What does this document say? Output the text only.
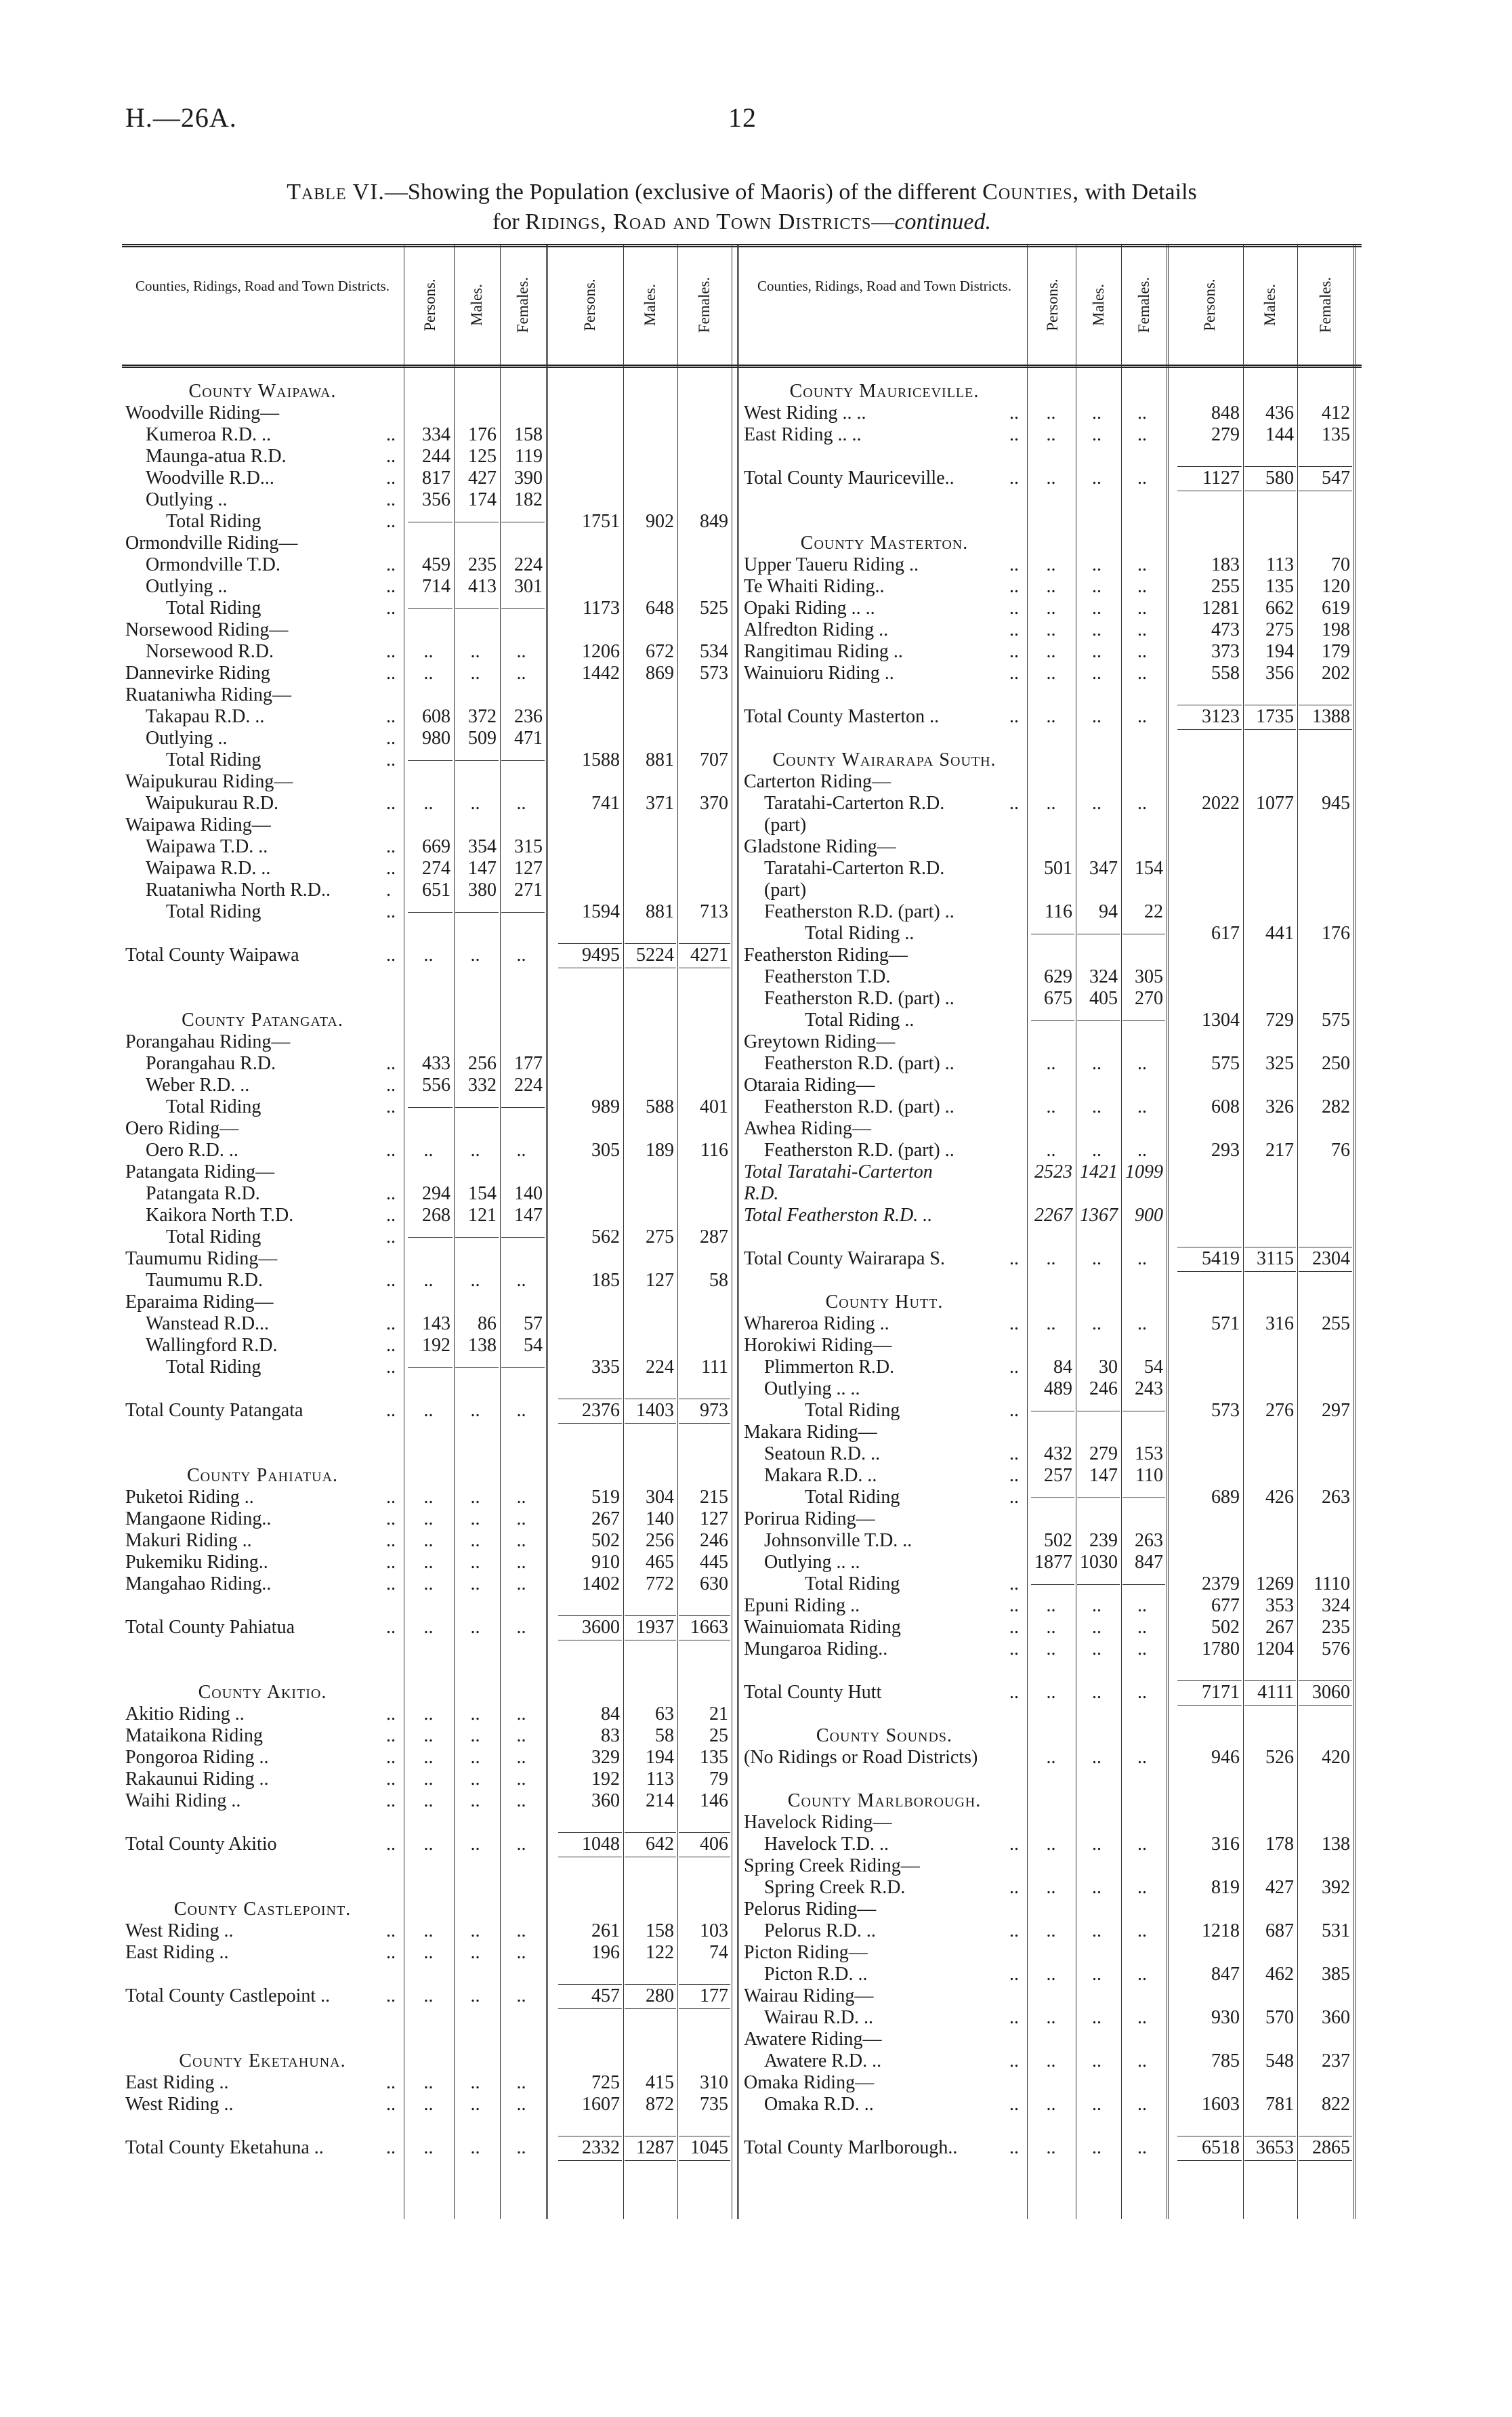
H.—26A.	12
Table VI.—Showing the Population (exclusive of Maoris) of the different Counties, with Details
for Ridings, Road and Town Districts—continued.
Counties, Ridings, Road and Town Districts.	Persons. Males. Females.	Persons.	Males. Females.	Counties, Ridings, Road and Town Districts.	Persons. Males. Females.	Persons.	Males. Females.
County Waipawa.
Woodville Riding—
Kumeroa R.D. ..	..	334 176 158
Maunga-atua R.D.	..	244 125 119
Woodville R.D...	..	817 427 390
Outlying ..	..	356 174 182
Total Riding	..	1751	902	849
Ormondville Riding—
Ormondville T.D.	..	459 235 224
Outlying ..	..	714 413 301
Total Riding	..	1173	648	525
Norsewood Riding—
Norsewood R.D.	..	..	..	..	1206	672	534
Dannevirke Riding	..	..	..	..	1442	869	573
Ruataniwha Riding—
Takapau R.D. ..	..	608 372 236
Outlying ..	..	980 509 471
Total Riding	..	1588	881	707
Waipukurau Riding—
Waipukurau R.D.	..	..	..	..	741	371	370
Waipawa Riding—
Waipawa T.D. ..	..	669 354 315
Waipawa R.D. ..	..	274 147 127
Ruataniwha North R.D..	.	651 380 271
Total Riding	..	1594	881	713
Total County Waipawa	..	..	..	..	9495 5224 4271
County Patangata.
Porangahau Riding—
Porangahau R.D.	..	433 256 177
Weber R.D. ..	..	556 332 224
Total Riding	..	989	588	401
Oero Riding—
Oero R.D. ..	..	..	..	..	305	189	116
Patangata Riding—
Patangata R.D.	..	294 154 140
Kaikora North T.D.	..	268 121 147
Total Riding	..	562	275	287
Taumumu Riding—
Taumumu R.D.	..	..	..	..	185	127	58
Eparaima Riding—
Wanstead R.D...	..	143	86	57
Wallingford R.D.	..	192 138	54
Total Riding	..	335	224	111
Total County Patangata	..	..	..	..	2376 1403	973
County Pahiatua.
Puketoi Riding ..	..	..	..	..	519	304	215
Mangaone Riding..	..	..	..	..	267	140	127
Makuri Riding ..	..	..	..	..	502	256	246
Pukemiku Riding..	..	..	..	..	910	465	445
Mangahao Riding..	..	..	..	..	1402	772	630
Total County Pahiatua	..	..	..	..	3600 1937 1663
County Akitio.
Akitio Riding ..	..	..	..	..	84	63	21
Mataikona Riding	..	..	..	..	83	58	25
Pongoroa Riding ..	..	..	..	..	329	194	135
Rakaunui Riding ..	..	..	..	..	192	113	79
Waihi Riding ..	..	..	..	..	360	214	146
Total County Akitio	..	..	..	..	1048	642	406
County Castlepoint.
West Riding ..	..	..	..	..	261	158	103
East Riding ..	..	..	..	..	196	122	74
Total County Castlepoint ..	..	..	..	..	457	280	177
County Eketahuna.
East Riding ..	..	..	..	..	725	415	310
West Riding ..	..	..	..	..	1607	872	735
Total County Eketahuna ..	..	..	..	..	2332 1287 1045
County Mauriceville.
West Riding .. ..	..	..	..	..	848	436	412
East Riding .. ..	..	..	..	..	279	144	135
Total County Mauriceville..	..	..	..	..	1127	580	547
County Masterton.
Upper Taueru Riding ..	..	..	..	..	183	113	70
Te Whaiti Riding..	..	..	..	..	255	135	120
Opaki Riding .. ..	..	..	..	..	1281	662	619
Alfredton Riding ..	..	..	..	..	473	275	198
Rangitimau Riding ..	..	..	..	..	373	194	179
Wainuioru Riding ..	..	..	..	..	558	356	202
Total County Masterton ..	..	..	..	..	3123 1735 1388
County Wairarapa South.
Carterton Riding—
Taratahi-Carterton R.D.	..	..	..	..	2022 1077	945
(part)
Gladstone Riding—
Taratahi-Carterton R.D.	501 347 154
(part)
Featherston R.D. (part) ..	116	94	22
Total Riding ..	617	441	176
Featherston Riding—
Featherston T.D.	629 324 305
Featherston R.D. (part) ..	675 405 270
Total Riding ..	1304	729	575
Greytown Riding—
Featherston R.D. (part) ..	..	..	..	575	325	250
Otaraia Riding—
Featherston R.D. (part) ..	..	..	..	608	326	282
Awhea Riding—
Featherston R.D. (part) ..	..	..	..	293	217	76
Total Taratahi-Carterton	2523 1421 1099
R.D.
Total Featherston R.D. ..	2267 1367 900
Total County Wairarapa S.	..	..	..	..	5419 3115 2304
County Hutt.
Whareroa Riding ..	..	..	..	..	571	316	255
Horokiwi Riding—
Plimmerton R.D.	..	84	30	54
Outlying .. ..	489 246 243
Total Riding	..	573	276	297
Makara Riding—
Seatoun R.D. ..	..	432 279 153
Makara R.D. ..	..	257 147 110
Total Riding	..	689	426	263
Porirua Riding—
Johnsonville T.D. ..	502 239 263
Outlying .. ..	1877 1030 847
Total Riding	..	2379 1269	1110
Epuni Riding ..	..	..	..	..	677	353	324
Wainuiomata Riding	..	..	..	..	502	267	235
Mungaroa Riding..	..	..	..	..	1780 1204	576
Total County Hutt	..	..	..	..	7171 4111 3060
County Sounds.
(No Ridings or Road Districts)	..	..	..	946	526	420
County Marlborough.
Havelock Riding—
Havelock T.D. ..	..	..	..	..	316	178	138
Spring Creek Riding—
Spring Creek R.D.	..	..	..	..	819	427	392
Pelorus Riding—
Pelorus R.D. ..	..	..	..	..	1218	687	531
Picton Riding—
Picton R.D. ..	..	..	..	..	847	462	385
Wairau Riding—
Wairau R.D. ..	..	..	..	..	930	570	360
Awatere Riding—
Awatere R.D. ..	..	..	..	..	785	548	237
Omaka Riding—
Omaka R.D. ..	..	..	..	..	1603	781	822
Total County Marlborough..	..	..	..	..	6518 3653 2865
